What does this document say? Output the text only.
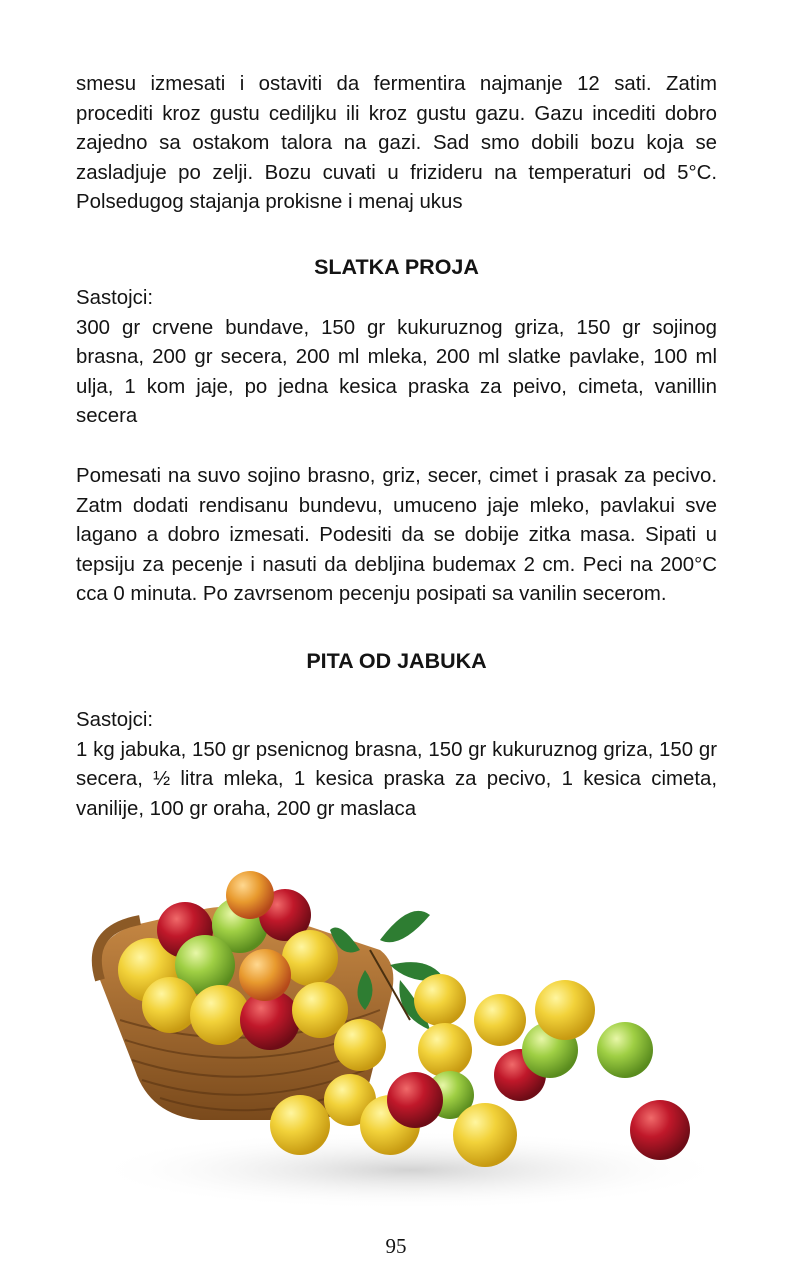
smesu izmesati i ostaviti da fermentira najmanje 12 sati. Zatim procediti kroz gustu cediljku ili kroz gustu gazu. Gazu incediti dobro zajedno sa ostakom talora na gazi. Sad smo dobili bozu koja se zasladjuje po zelji. Bozu cuvati u frizideru na temperaturi od 5°C. Polsedugog stajanja prokisne i menaj ukus

SLATKA PROJA

Sastojci:

300 gr crvene bundave, 150 gr kukuruznog griza, 150 gr sojinog brasna, 200 gr secera, 200 ml mleka, 200 ml slatke pavlake, 100 ml ulja, 1 kom jaje, po jedna kesica praska za peivo, cimeta, vanillin secera

Pomesati na suvo sojino brasno, griz, secer, cimet i prasak za pecivo. Zatm dodati rendisanu bundevu, umuceno jaje mleko, pavlakui sve lagano a dobro izmesati. Podesiti da se dobije zitka masa. Sipati u tepsiju za pecenje i nasuti da debljina budemax 2 cm. Peci na 200°C cca 0 minuta. Po zavrsenom pecenju posipati sa vanilin secerom.

PITA OD JABUKA

Sastojci:

1 kg jabuka, 150 gr psenicnog brasna, 150 gr kukuruznog griza, 150 gr secera, ½ litra mleka, 1 kesica praska za pecivo, 1 kesica cimeta, vanilije, 100 gr oraha, 200 gr maslaca

95
